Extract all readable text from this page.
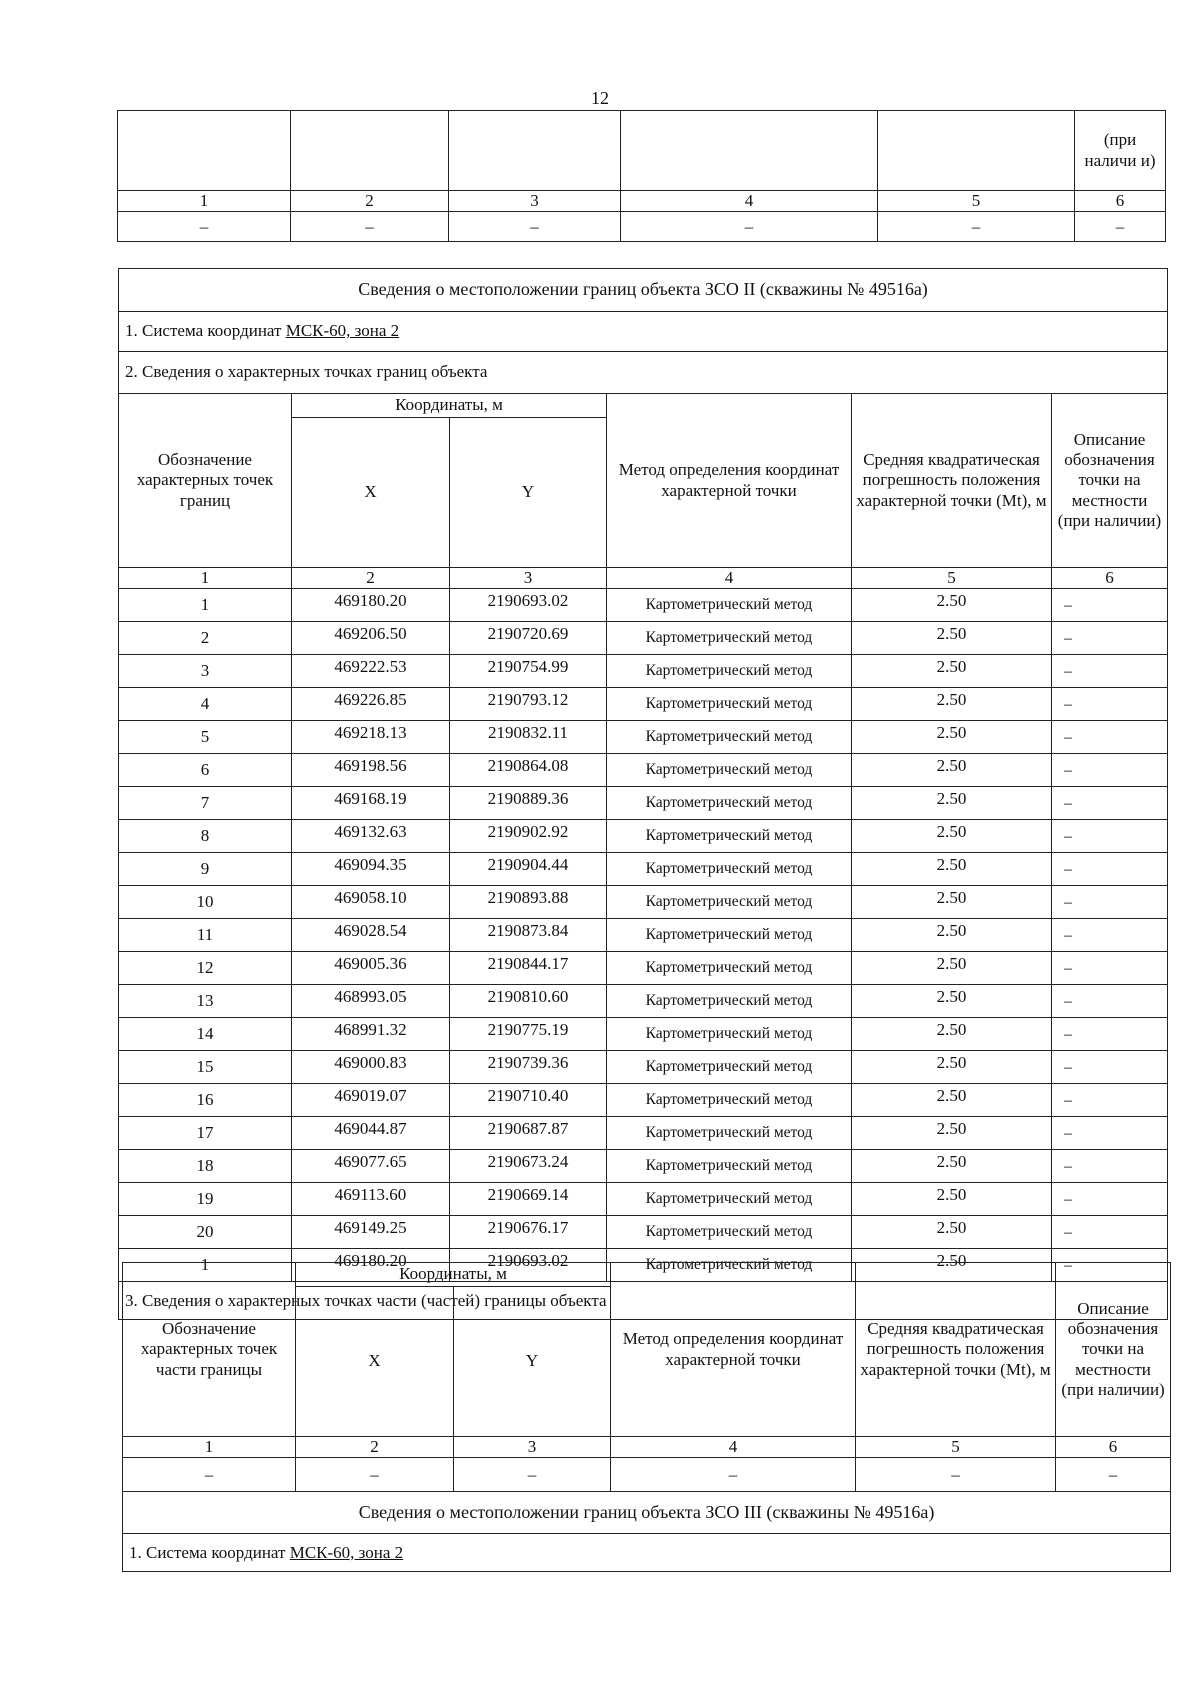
12
					(при наличи и)
1	2	3	4	5	6
–	–	–	–	–	–
Сведения о местоположении границ объекта ЗСО II (скважины № 49516а)					
1. Система координат МСК-60, зона 2					
2. Сведения о характерных точках границ объекта					
Обозначение характерных точек границ	Координаты, м		Метод определения координат характерной точки	Средняя квадратическая погрешность положения характерной точки (Мt), м	Описание обозначения точки на местности (при наличии)
	X	Y			
1	2	3	4	5	6
1	469180.20	2190693.02	Картометрический метод	2.50	–
2	469206.50	2190720.69	Картометрический метод	2.50	–
3	469222.53	2190754.99	Картометрический метод	2.50	–
4	469226.85	2190793.12	Картометрический метод	2.50	–
5	469218.13	2190832.11	Картометрический метод	2.50	–
6	469198.56	2190864.08	Картометрический метод	2.50	–
7	469168.19	2190889.36	Картометрический метод	2.50	–
8	469132.63	2190902.92	Картометрический метод	2.50	–
9	469094.35	2190904.44	Картометрический метод	2.50	–
10	469058.10	2190893.88	Картометрический метод	2.50	–
11	469028.54	2190873.84	Картометрический метод	2.50	–
12	469005.36	2190844.17	Картометрический метод	2.50	–
13	468993.05	2190810.60	Картометрический метод	2.50	–
14	468991.32	2190775.19	Картометрический метод	2.50	–
15	469000.83	2190739.36	Картометрический метод	2.50	–
16	469019.07	2190710.40	Картометрический метод	2.50	–
17	469044.87	2190687.87	Картометрический метод	2.50	–
18	469077.65	2190673.24	Картометрический метод	2.50	–
19	469113.60	2190669.14	Картометрический метод	2.50	–
20	469149.25	2190676.17	Картометрический метод	2.50	–
1	469180.20	2190693.02	Картометрический метод	2.50	–
3. Сведения о характерных точках части (частей) границы объекта					
Обозначение характерных точек части границы	Координаты, м		Метод определения координат характерной точки	Средняя квадратическая погрешность положения характерной точки (Мt), м	Описание обозначения точки на местности (при наличии)
	X	Y			
1	2	3	4	5	6
–	–	–	–	–	–
Сведения о местоположении границ объекта ЗСО III (скважины № 49516а)					
1. Система координат МСК-60, зона 2					
